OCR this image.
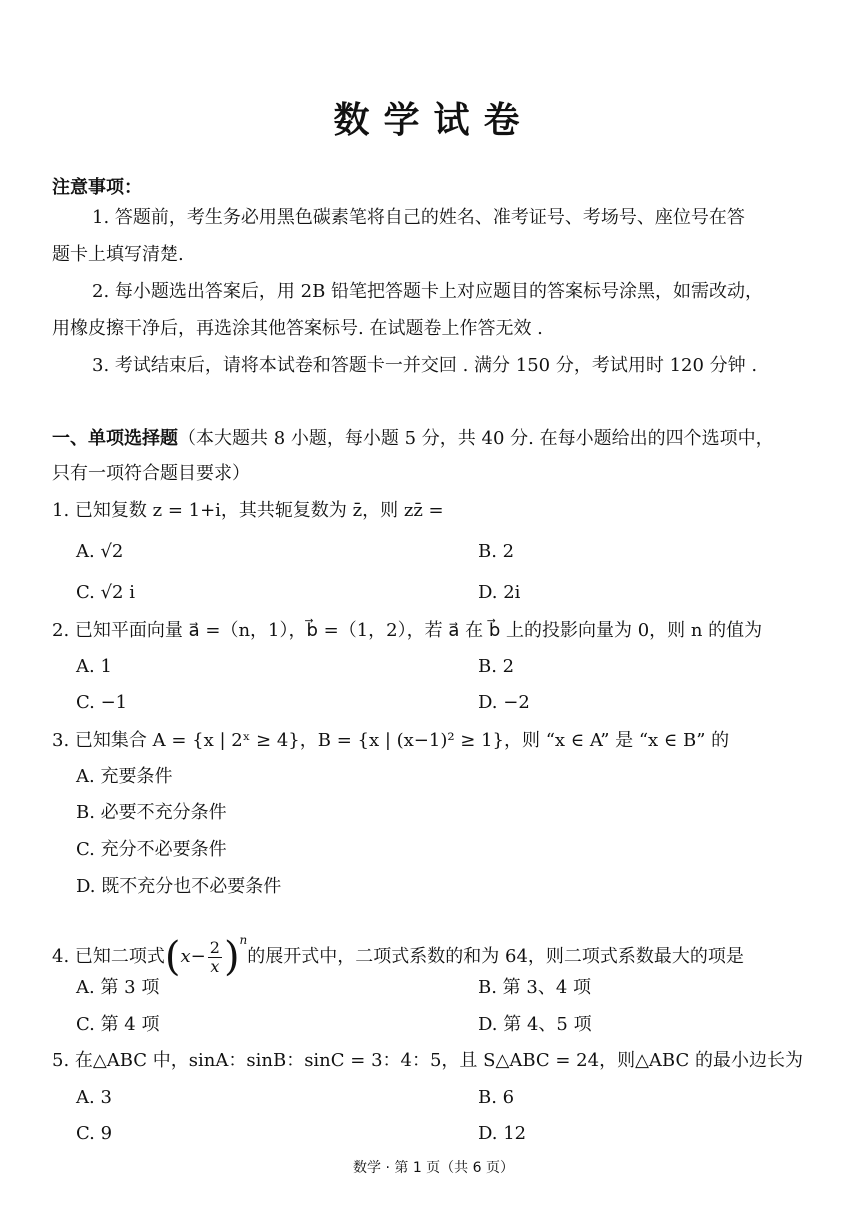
数学试卷
注意事项：
1. 答题前，考生务必用黑色碳素笔将自己的姓名、准考证号、考场号、座位号在答
题卡上填写清楚.
2. 每小题选出答案后，用 2B 铅笔把答题卡上对应题目的答案标号涂黑，如需改动，
用橡皮擦干净后，再选涂其他答案标号. 在试题卷上作答无效 .
3. 考试结束后，请将本试卷和答题卡一并交回 . 满分 150 分，考试用时 120 分钟 .
一、单项选择题（本大题共 8 小题，每小题 5 分，共 40 分. 在每小题给出的四个选项中，
只有一项符合题目要求）
1. 已知复数 z = 1+i，其共轭复数为 z̄，则 zz̄ =
A. √2	B. 2
C. √2 i	D. 2i
2. 已知平面向量 a⃗ =（n，1），b⃗ =（1，2），若 a⃗ 在 b⃗ 上的投影向量为 0，则 n 的值为
A. 1	B. 2
C. −1	D. −2
3. 已知集合 A = {x | 2ˣ ≥ 4}，B = {x | (x−1)² ≥ 1}，则 “x ∈ A” 是 “x ∈ B” 的
A. 充要条件
B. 必要不充分条件
C. 充分不必要条件
D. 既不充分也不必要条件
4. 已知二项式$(x- \frac{2}{x} )^n$的展开式中，二项式系数的和为 64，则二项式系数最大的项是
A. 第 3 项	B. 第 3、4 项
C. 第 4 项	D. 第 4、5 项
5. 在△ABC 中，sinA：sinB：sinC = 3：4：5，且 S△ABC = 24，则△ABC 的最小边长为
A. 3	B. 6
C. 9	D. 12
数学 · 第 1 页（共 6 页）
